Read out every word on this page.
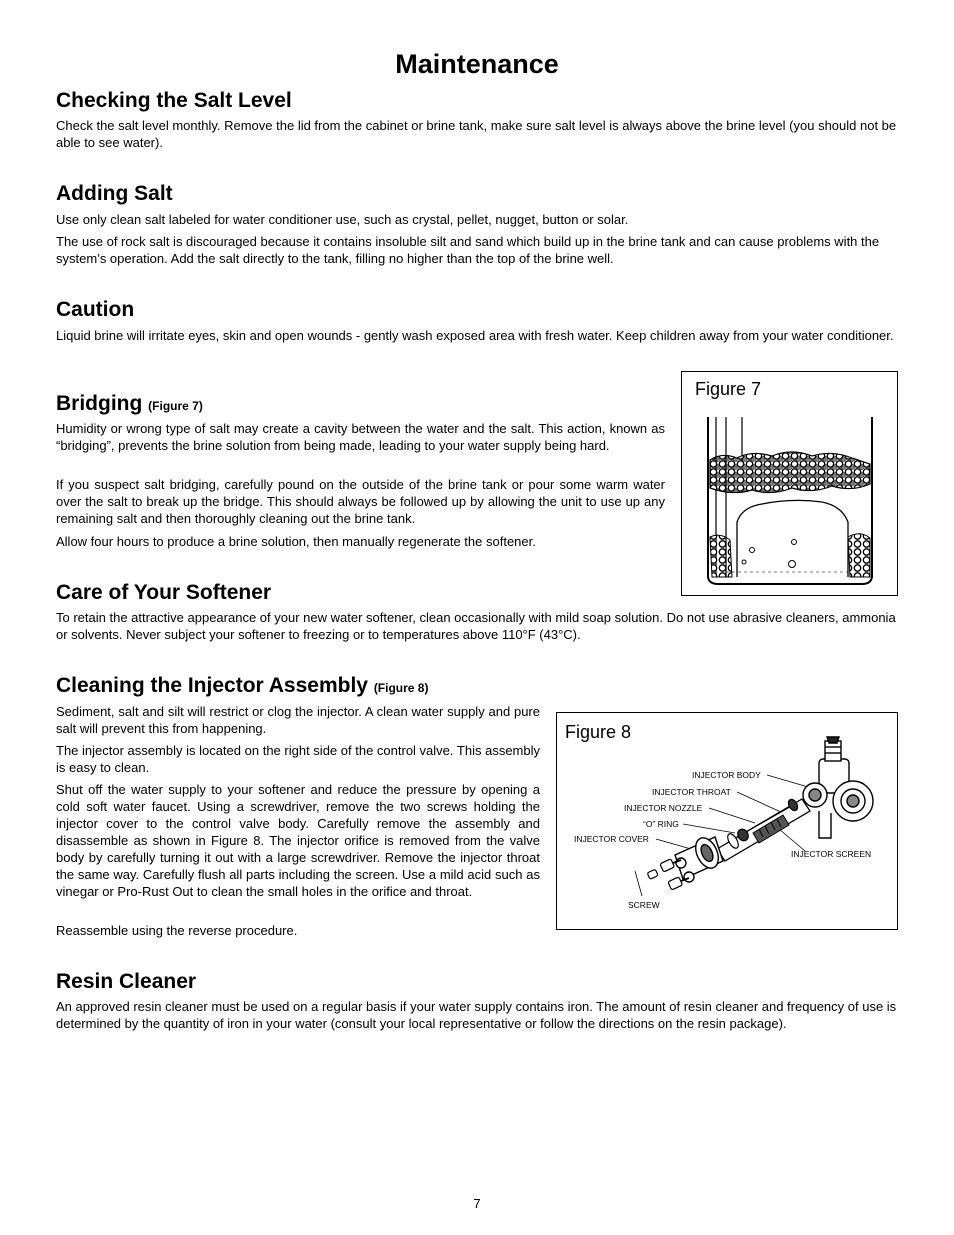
Maintenance
Checking the Salt Level

Check the salt level monthly. Remove the lid from the cabinet or brine tank, make sure salt level is always above the brine level (you should not be able to see water).

Adding Salt

Use only clean salt labeled for water conditioner use, such as crystal, pellet, nugget, button or solar.

The use of rock salt is discouraged because it contains insoluble silt and sand which build up in the brine tank and can cause problems with the system’s operation. Add the salt directly to the tank, filling no higher than the top of the brine well.

Caution

Liquid brine will irritate eyes, skin and open wounds - gently wash exposed area with fresh water. Keep children away from your water conditioner.

Bridging (Figure 7)

Humidity or wrong type of salt may create a cavity between the water and the salt. This action, known as “bridging”, prevents the brine solution from being made, leading to your water supply being hard.

If you suspect salt bridging, carefully pound on the outside of the brine tank or pour some warm water over the salt to break up the bridge. This should always be followed up by allowing the unit to use up any remaining salt and then thoroughly cleaning out the brine tank.

Allow four hours to produce a brine solution, then manually regenerate the softener.

Figure 7
Care of Your Softener

To retain the attractive appearance of your new water softener, clean occasionally with mild soap solution. Do not use abrasive cleaners, ammonia or solvents. Never subject your softener to freezing or to temperatures above 110°F (43°C).

Cleaning the Injector Assembly (Figure 8)

Sediment, salt and silt will restrict or clog the injector. A clean water supply and pure salt will prevent this from happening.

The injector assembly is located on the right side of the control valve. This assembly is easy to clean.

Shut off the water supply to your softener and reduce the pressure by opening a cold soft water faucet. Using a screwdriver, remove the two screws holding the injector cover to the control valve body. Carefully remove the assembly and disassemble as shown in Figure 8. The injector orifice is removed from the valve body by carefully turning it out with a large screwdriver. Remove the injector throat the same way. Carefully flush all parts including the screen. Use a mild acid such as vinegar or Pro-Rust Out to clean the small holes in the orifice and throat.

Reassemble using the reverse procedure.

Figure 8
INJECTOR BODY
INJECTOR THROAT
INJECTOR NOZZLE
“O” RING
INJECTOR COVER
INJECTOR SCREEN
SCREW
Resin Cleaner

An approved resin cleaner must be used on a regular basis if your water supply contains iron. The amount of resin cleaner and frequency of use is determined by the quantity of iron in your water (consult your local representative or follow the directions on the resin package).

7
